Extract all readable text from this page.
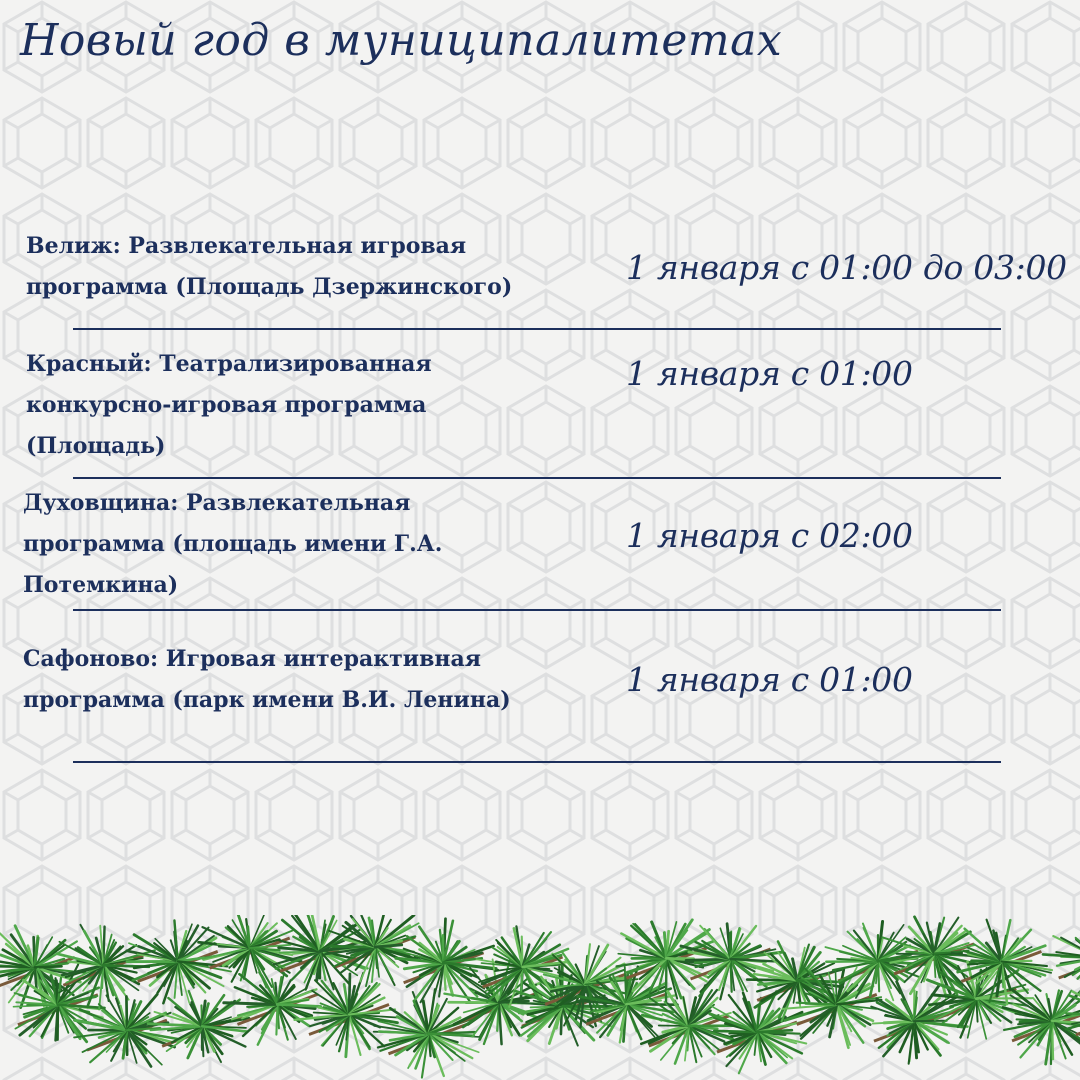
Новый год в муниципалитетах
Велиж: Развлекательная игровая
программа (Площадь Дзержинского)	1 января с 01:00 до 03:00
Красный: Театрализированная
конкурсно-игровая программа
(Площадь)
1 января с 01:00
Духовщина: Развлекательная
программа (площадь имени Г.А.
Потемкина)
1 января с 02:00
Сафоново: Игровая интерактивная
программа (парк имени В.И. Ленина)
1 января с 01:00
